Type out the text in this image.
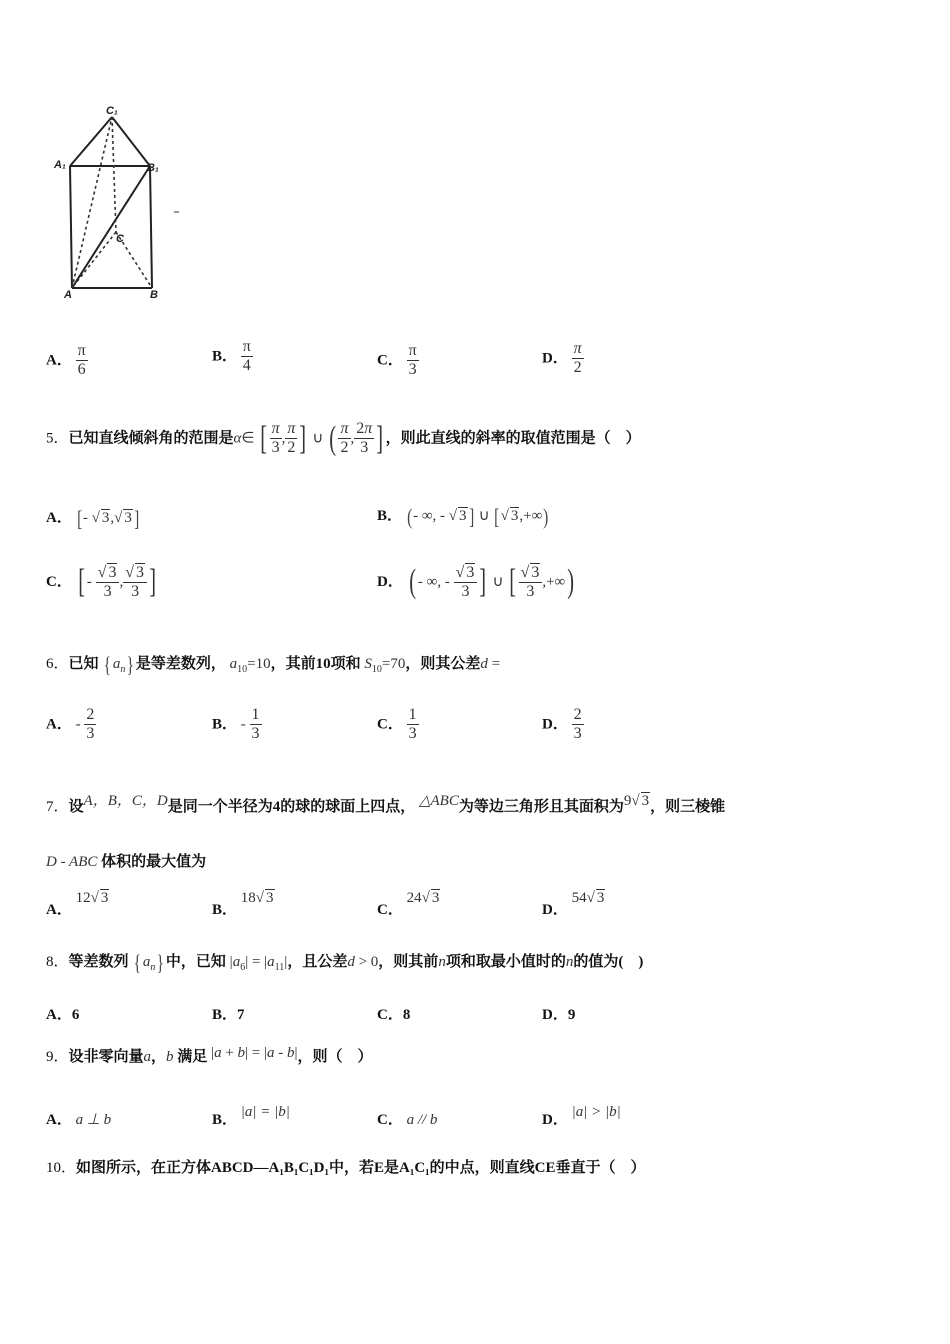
C₁
A₁	B₁
C
A	B
A． $\frac{\pi}{6}$	B． $\frac{\pi}{4}$	C． $\frac{\pi}{3}$	D． $\frac{\pi}{2}$
5．已知直线倾斜角的范围是α∈ [ $\frac{\pi}{3}$ , $\frac{\pi}{2}$ ] ∪ ( $\frac{\pi}{2}$ , $\frac{2\pi}{3}$ ] ，则此直线的斜率的取值范围是（　）
A． [- √ 3,√ 3]	B． (- ∞, - √ 3] ∪ [√ 3,+∞)
C． [ - $\frac{√ 3}{3}$ , $\frac{√ 3}{3}$ ]	D． ( - ∞, - $\frac{√ 3}{3}$ ] ∪ [ $\frac{√ 3}{3}$ ,+∞)
6．已知 { $a_n$} 是等差数列， $a_{10}=10$，其前10项和 $S_{10}=70$，则其公差d =
A． - $\frac{2}{3}$	B． - $\frac{1}{3}$	C． $\frac{1}{3}$	D． $\frac{2}{3}$
7．设A，B，C，D是同一个半径为4的球的球面上四点， △ABC为等边三角形且其面积为9√ 3，则三棱锥
D - ABC 体积的最大值为
A． 12√ 3
B． 18√ 3
C． 24√ 3
D． 54√ 3
8．等差数列 { $a_n$} 中，已知 $|a_6| = |a_{11}|$，且公差d > 0，则其前n项和取最小值时的n的值为(　)
A．6	B．7	C．8	D．9
9．设非零向量a，b 满足 |a + b| = |a - b|，则（　）
A． a ⊥ b	B． |a| = |b|	C． a // b	D． |a| > |b|
10．如图所示，在正方体ABCD—A₁B₁C₁D₁中，若E是A₁C₁的中点，则直线CE垂直于（　）
